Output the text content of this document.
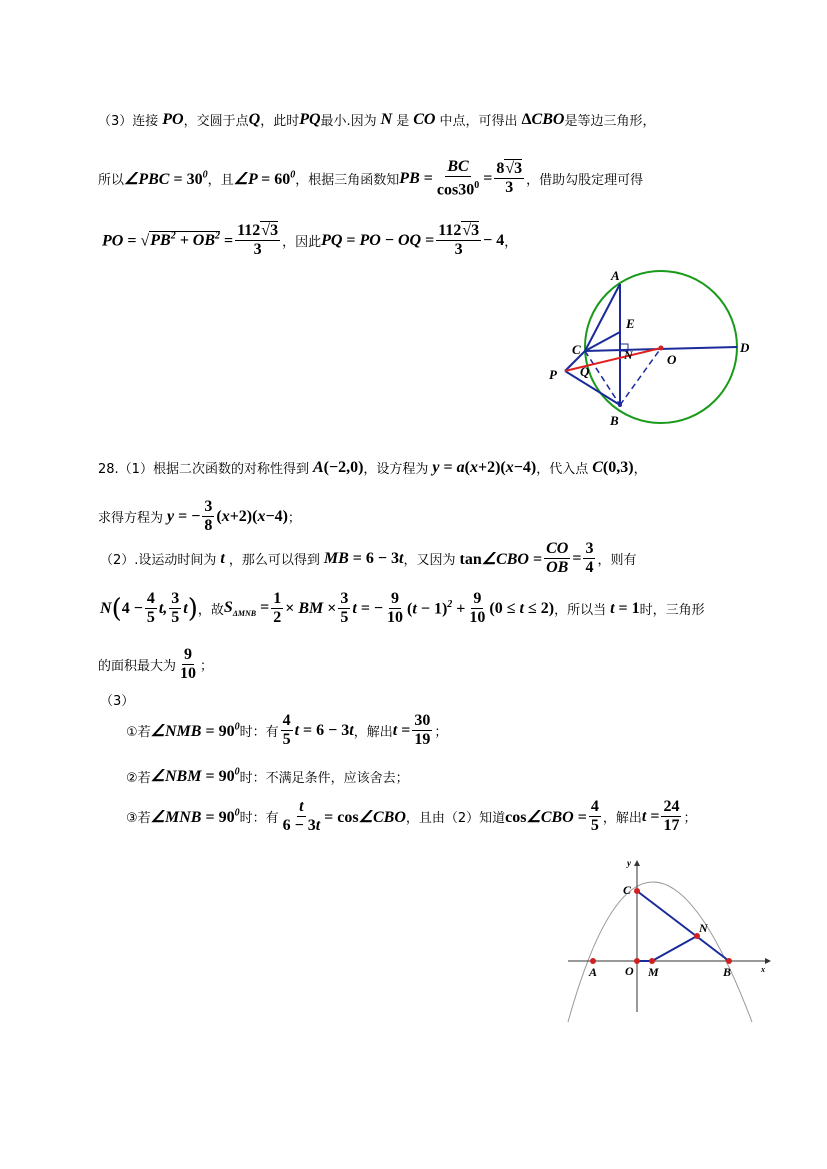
（3）连接 PO ，交圆于点 Q ，此时 PQ 最小.因为 N 是 CO 中点，可得出 ΔCBO 是等边三角形，
所以 ∠PBC = $30^0$ ，且 ∠P = $60^0$ ，根据三角函数知 PB = $\frac{BC}{\cos 30^0} = \frac{8√3}{3}$ ，借助勾股定理可得
PO = $√PB^2 + OB^2 = \frac{112√3}{3}$ ，因此 PQ = PO − OQ = $\frac{112√3}{3} - 4$ ，
A
E
C	N	O
D
P Q
B
28.（1）根据二次函数的对称性得到 A(−2,0) ，设方程为 y = a(x+2)(x−4) ，代入点 C(0,3) ，
求得方程为 y = − $\frac{3}{8} (x+2)(x-4)$ ；
（2）.设运动时间为 t ，那么可以得到 MB = 6 − 3t ，又因为 tan∠CBO = $\frac{CO}{OB} = \frac{3}{4}$ ，则有
N ( $4 - \frac{4}{5} t$, $\frac{3}{5}$ t ) ，故 $S_{\Delta MNB} = \frac{1}{2}$ × BM × $\frac{3}{5}$ t = − $\frac{9}{10} (t - 1)^2 + \frac{9}{10} (0 \le t \le 2)$ ，所以当 t = 1 时，三角形
的面积最大为 $\frac{9}{10}$ ；
（3）
①若 ∠NMB = $90^0$ 时：有 $\frac{4}{5}$ t = 6 − 3t ，解出 $t = \frac{30}{19}$ ；
②若 ∠NBM = $90^0$ 时：不满足条件，应该舍去；
③若 ∠MNB = $90^0$ 时：有 $\frac{t}{6 - 3t}$ = cos∠CBO ，且由（2）知道 cos∠CBO = $\frac{4}{5}$ ，解出 $t = \frac{24}{17}$ ；
y
C
N
A O M	B	x
